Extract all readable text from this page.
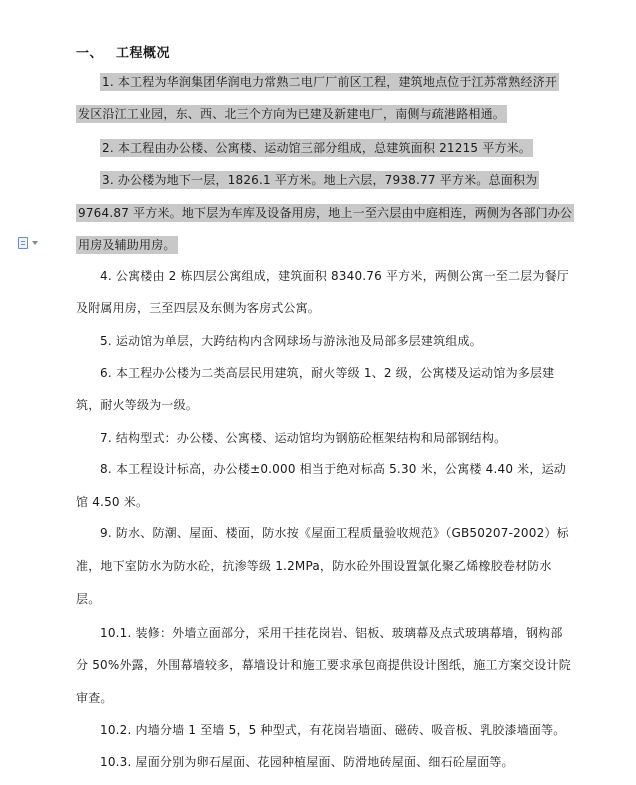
一、 工程概况
1. 本工程为华润集团华润电力常熟二电厂厂前区工程，建筑地点位于江苏常熟经济开
发区沿江工业园，东、西、北三个方向为已建及新建电厂，南侧与疏港路相通。
2. 本工程由办公楼、公寓楼、运动馆三部分组成，总建筑面积 21215 平方米。
3. 办公楼为地下一层，1826.1 平方米。地上六层，7938.77 平方米。总面积为
9764.87 平方米。地下层为车库及设备用房，地上一至六层由中庭相连，两侧为各部门办公
用房及辅助用房。
4. 公寓楼由 2 栋四层公寓组成，建筑面积 8340.76 平方米，两侧公寓一至二层为餐厅
及附属用房，三至四层及东侧为客房式公寓。
5. 运动馆为单层，大跨结构内含网球场与游泳池及局部多层建筑组成。
6. 本工程办公楼为二类高层民用建筑，耐火等级 1、2 级，公寓楼及运动馆为多层建
筑，耐火等级为一级。
7. 结构型式：办公楼、公寓楼、运动馆均为钢筋砼框架结构和局部钢结构。
8. 本工程设计标高，办公楼±0.000 相当于绝对标高 5.30 米，公寓楼 4.40 米，运动
馆 4.50 米。
9. 防水、防潮、屋面、楼面，防水按《屋面工程质量验收规范》（GB50207-2002）标
准，地下室防水为防水砼，抗渗等级 1.2MPa，防水砼外围设置氯化聚乙烯橡胶卷材防水
层。
10.1. 装修：外墙立面部分，采用干挂花岗岩、铝板、玻璃幕及点式玻璃幕墙，钢构部
分 50%外露，外围幕墙较多，幕墙设计和施工要求承包商提供设计图纸，施工方案交设计院
审查。
10.2. 内墙分墙 1 至墙 5，5 种型式，有花岗岩墙面、磁砖、吸音板、乳胶漆墙面等。
10.3. 屋面分别为卵石屋面、花园种植屋面、防滑地砖屋面、细石砼屋面等。
